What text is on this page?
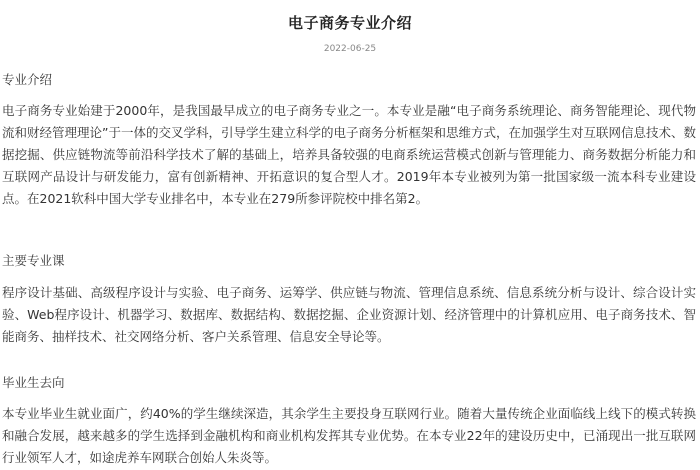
电子商务专业介绍
2022-06-25
专业介绍
电子商务专业始建于2000年，是我国最早成立的电子商务专业之一。本专业是融“电子商务系统理论、商务智能理论、现代物流和财经管理理论”于一体的交叉学科，引导学生建立科学的电子商务分析框架和思维方式，在加强学生对互联网信息技术、数据挖掘、供应链物流等前沿科学技术了解的基础上，培养具备较强的电商系统运营模式创新与管理能力、商务数据分析能力和互联网产品设计与研发能力，富有创新精神、开拓意识的复合型人才。2019年本专业被列为第一批国家级一流本科专业建设点。在2021软科中国大学专业排名中，本专业在279所参评院校中排名第2。
主要专业课
程序设计基础、高级程序设计与实验、电子商务、运筹学、供应链与物流、管理信息系统、信息系统分析与设计、综合设计实验、Web程序设计、机器学习、数据库、数据结构、数据挖掘、企业资源计划、经济管理中的计算机应用、电子商务技术、智能商务、抽样技术、社交网络分析、客户关系管理、信息安全导论等。
毕业生去向
本专业毕业生就业面广，约40%的学生继续深造，其余学生主要投身互联网行业。随着大量传统企业面临线上线下的模式转换和融合发展，越来越多的学生选择到金融机构和商业机构发挥其专业优势。在本专业22年的建设历史中，已涌现出一批互联网行业领军人才，如途虎养车网联合创始人朱炎等。
